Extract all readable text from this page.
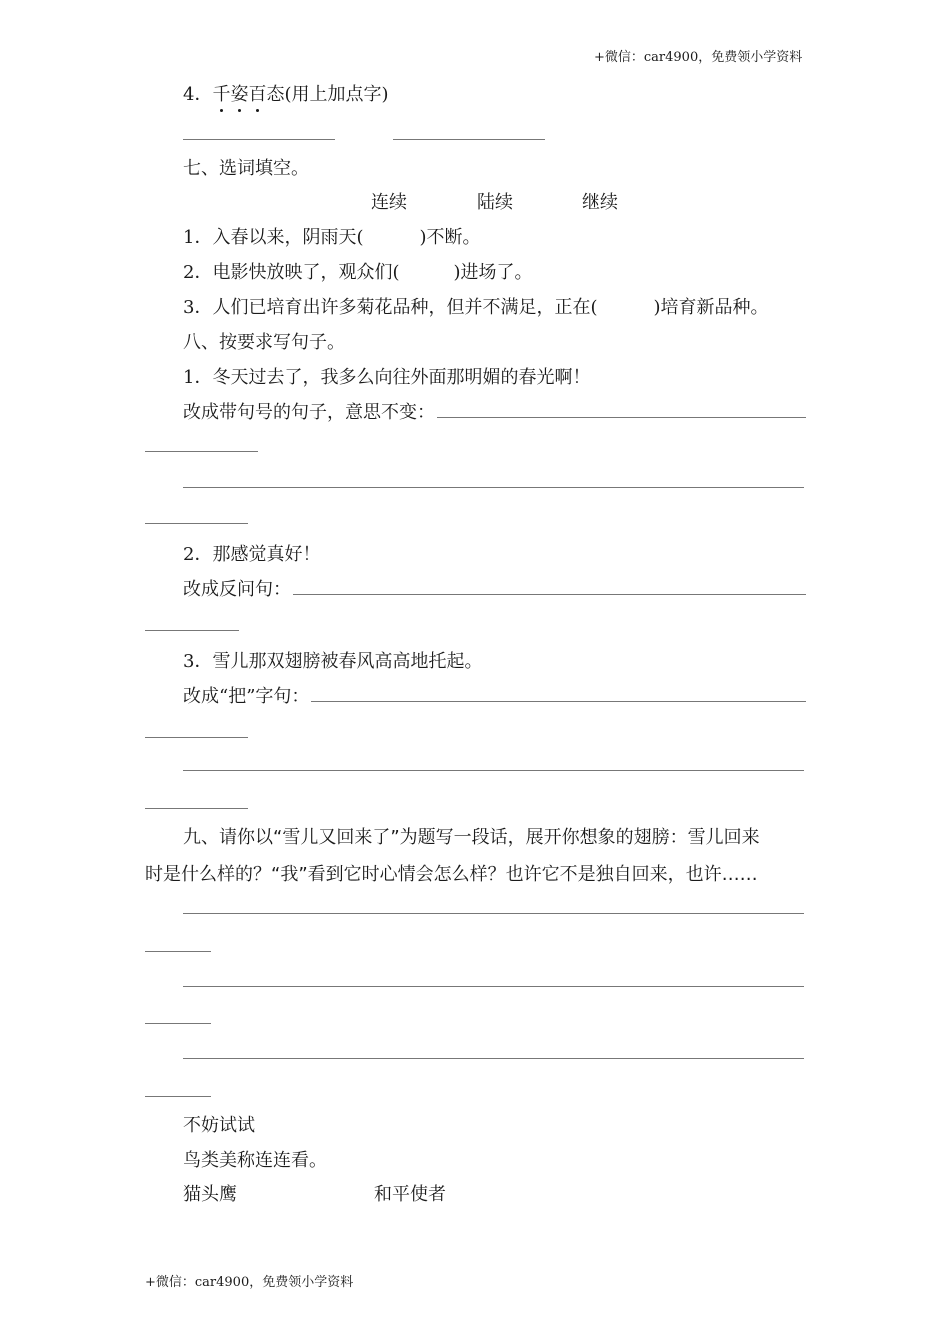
+微信：car4900，免费领小学资料
4．千姿百态(用上加点字)
七、选词填空。
连续	陆续	继续
1．入春以来，阴雨天(	)不断。
2．电影快放映了，观众们(	)进场了。
3．人们已培育出许多菊花品种，但并不满足，正在(	)培育新品种。
八、按要求写句子。
1．冬天过去了，我多么向往外面那明媚的春光啊！
改成带句号的句子，意思不变：
2．那感觉真好！
改成反问句：
3．雪儿那双翅膀被春风高高地托起。
改成“把”字句：
九、请你以“雪儿又回来了”为题写一段话，展开你想象的翅膀：雪儿回来
时是什么样的？“我”看到它时心情会怎么样？也许它不是独自回来，也许……
不妨试试
鸟类美称连连看。
猫头鹰	和平使者
+微信：car4900，免费领小学资料
